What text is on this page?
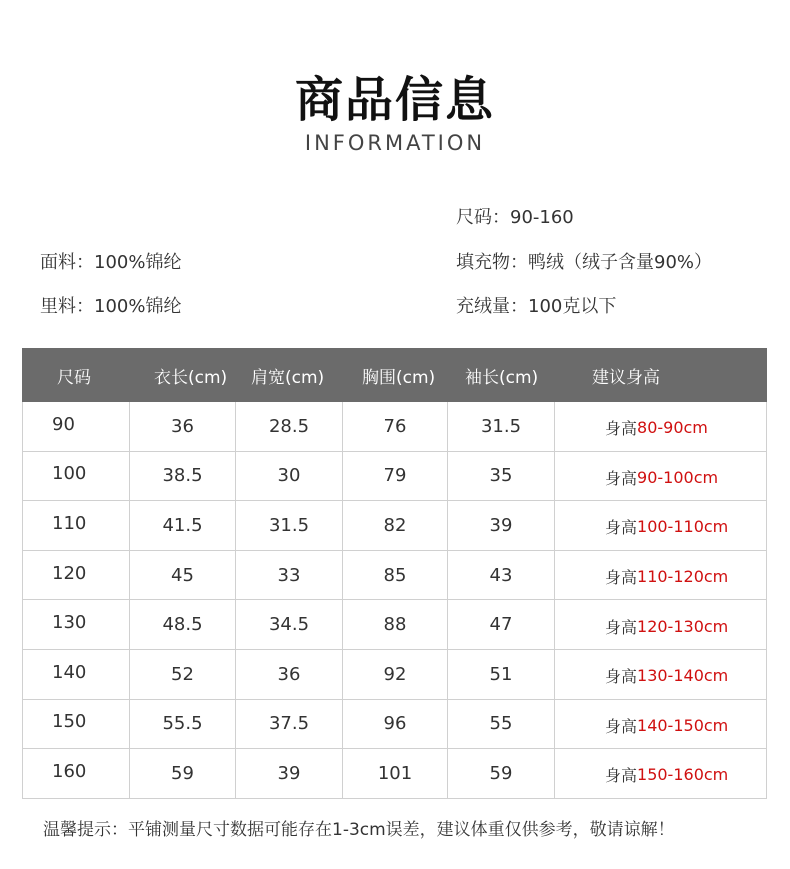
商品信息
INFORMATION
尺码：90-160
面料：100%锦纶	填充物：鸭绒（绒子含量90%）
里料：100%锦纶	充绒量：100克以下
尺码	衣长(cm)	肩宽(cm)	胸围(cm)	袖长(cm)	建议身高
90	36	28.5	76	31.5	身高 80-90cm
100	38.5	30	79	35	身高 90-100cm
110	41.5	31.5	82	39	身高 100-110cm
120	45	33	85	43	身高 110-120cm
130	48.5	34.5	88	47	身高 120-130cm
140	52	36	92	51	身高 130-140cm
150	55.5	37.5	96	55	身高 140-150cm
160	59	39	101	59	身高 150-160cm
温馨提示：平铺测量尺寸数据可能存在1-3cm误差，建议体重仅供参考，敬请谅解！
